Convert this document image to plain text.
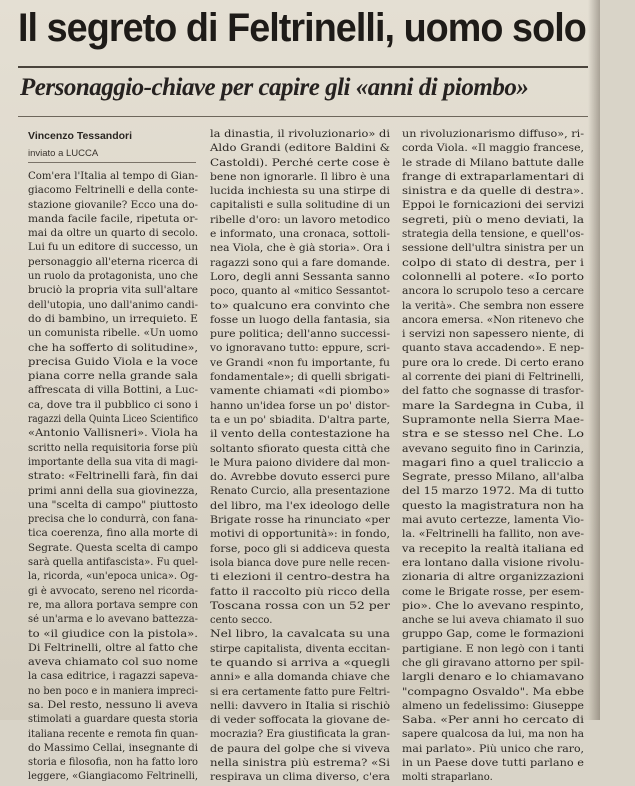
Il segreto di Feltrinelli, uomo solo
Personaggio-chiave per capire gli «anni di piombo»
Vincenzo Tessandori
inviato a LUCCA
Com'era l'Italia al tempo di Gian-
giacomo Feltrinelli e della conte-
stazione giovanile? Ecco una do-
manda facile facile, ripetuta or-
mai da oltre un quarto di secolo.
Lui fu un editore di successo, un
personaggio all'eterna ricerca di
un ruolo da protagonista, uno che
bruciò la propria vita sull'altare
dell'utopia, uno dall'animo candi-
do di bambino, un irrequieto. E
un comunista ribelle. «Un uomo
che ha sofferto di solitudine»,
precisa Guido Viola e la voce
piana corre nella grande sala
affrescata di villa Bottini, a Luc-
ca, dove tra il pubblico ci sono i
ragazzi della Quinta Liceo Scientifico
«Antonio Vallisneri». Viola ha
scritto nella requisitoria forse più
importante della sua vita di magi-
strato: «Feltrinelli farà, fin dai
primi anni della sua giovinezza,
una "scelta di campo" piuttosto
precisa che lo condurrà, con fana-
tica coerenza, fino alla morte di
Segrate. Questa scelta di campo
sarà quella antifascista». Fu quel-
la, ricorda, «un'epoca unica». Og-
gi è avvocato, sereno nel ricorda-
re, ma allora portava sempre con
sé un'arma e lo avevano battezza-
to «il giudice con la pistola».
Di Feltrinelli, oltre al fatto che
aveva chiamato col suo nome
la casa editrice, i ragazzi sapeva-
no ben poco e in maniera impreci-
sa. Del resto, nessuno li aveva
stimolati a guardare questa storia
italiana recente e remota fin quan-
do Massimo Cellai, insegnante di
storia e filosofia, non ha fatto loro
leggere, «Giangiacomo Feltrinelli,
la dinastia, il rivoluzionario» di
Aldo Grandi (editore Baldini &
Castoldi). Perché certe cose è
bene non ignorarle. Il libro è una
lucida inchiesta su una stirpe di
capitalisti e sulla solitudine di un
ribelle d'oro: un lavoro metodico
e informato, una cronaca, sottoli-
nea Viola, che è già storia». Ora i
ragazzi sono qui a fare domande.
Loro, degli anni Sessanta sanno
poco, quanto al «mitico Sessantot-
to» qualcuno era convinto che
fosse un luogo della fantasia, sia
pure politica; dell'anno successi-
vo ignoravano tutto: eppure, scri-
ve Grandi «non fu importante, fu
fondamentale»; di quelli sbrigati-
vamente chiamati «di piombo»
hanno un'idea forse un po' distor-
ta e un po' sbiadita. D'altra parte,
il vento della contestazione ha
soltanto sfiorato questa città che
le Mura paiono dividere dal mon-
do. Avrebbe dovuto esserci pure
Renato Curcio, alla presentazione
del libro, ma l'ex ideologo delle
Brigate rosse ha rinunciato «per
motivi di opportunità»: in fondo,
forse, poco gli si addiceva questa
isola bianca dove pure nelle recen-
ti elezioni il centro-destra ha
fatto il raccolto più ricco della
Toscana rossa con un 52 per
cento secco.
Nel libro, la cavalcata su una
stirpe capitalista, diventa eccitan-
te quando si arriva a «quegli
anni» e alla domanda chiave che
si era certamente fatto pure Feltri-
nelli: davvero in Italia si rischiò
di veder soffocata la giovane de-
mocrazia? Era giustificata la gran-
de paura del golpe che si viveva
nella sinistra più estrema? «Si
respirava un clima diverso, c'era
un rivoluzionarismo diffuso», ri-
corda Viola. «Il maggio francese,
le strade di Milano battute dalle
frange di extraparlamentari di
sinistra e da quelle di destra».
Eppoi le fornicazioni dei servizi
segreti, più o meno deviati, la
strategia della tensione, e quell'os-
sessione dell'ultra sinistra per un
colpo di stato di destra, per i
colonnelli al potere. «Io porto
ancora lo scrupolo teso a cercare
la verità». Che sembra non essere
ancora emersa. «Non ritenevo che
i servizi non sapessero niente, di
quanto stava accadendo». E nep-
pure ora lo crede. Di certo erano
al corrente dei piani di Feltrinelli,
del fatto che sognasse di trasfor-
mare la Sardegna in Cuba, il
Supramonte nella Sierra Mae-
stra e se stesso nel Che. Lo
avevano seguito fino in Carinzia,
magari fino a quel traliccio a
Segrate, presso Milano, all'alba
del 15 marzo 1972. Ma di tutto
questo la magistratura non ha
mai avuto certezze, lamenta Vio-
la. «Feltrinelli ha fallito, non ave-
va recepito la realtà italiana ed
era lontano dalla visione rivolu-
zionaria di altre organizzazioni
come le Brigate rosse, per esem-
pio». Che lo avevano respinto,
anche se lui aveva chiamato il suo
gruppo Gap, come le formazioni
partigiane. E non legò con i tanti
che gli giravano attorno per spil-
largli denaro e lo chiamavano
"compagno Osvaldo". Ma ebbe
almeno un fedelissimo: Giuseppe
Saba. «Per anni ho cercato di
sapere qualcosa da lui, ma non ha
mai parlato». Più unico che raro,
in un Paese dove tutti parlano e
molti straparlano.
